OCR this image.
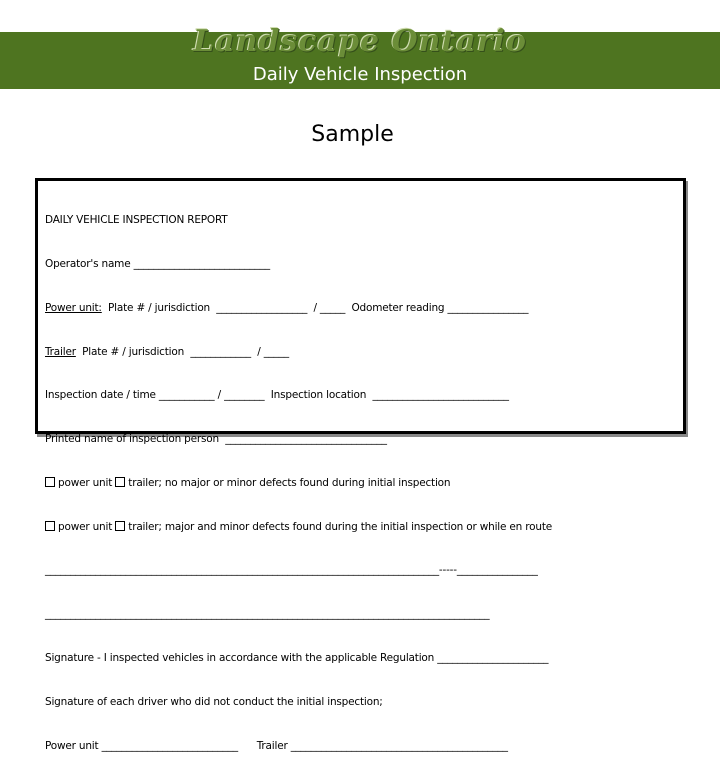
Landscape Ontario
Daily Vehicle Inspection
Sample

DAILY VEHICLE INSPECTION REPORT

Operator's name ___________________________

Power unit:  Plate # / jurisdiction  __________________  / _____  Odometer reading ________________

Trailer  Plate # / jurisdiction  ____________  / _____

Inspection date / time ___________ / ________  Inspection location  ___________________________

Printed name of inspection person  ________________________________

power unit trailer; no major or minor defects found during initial inspection

power unit trailer; major and minor defects found during the initial inspection or while en route

______________________________________________________________________________-----________________

________________________________________________________________________________________

Signature - I inspected vehicles in accordance with the applicable Regulation ______________________

Signature of each driver who did not conduct the initial inspection;

Power unit ___________________________      Trailer ___________________________________________
